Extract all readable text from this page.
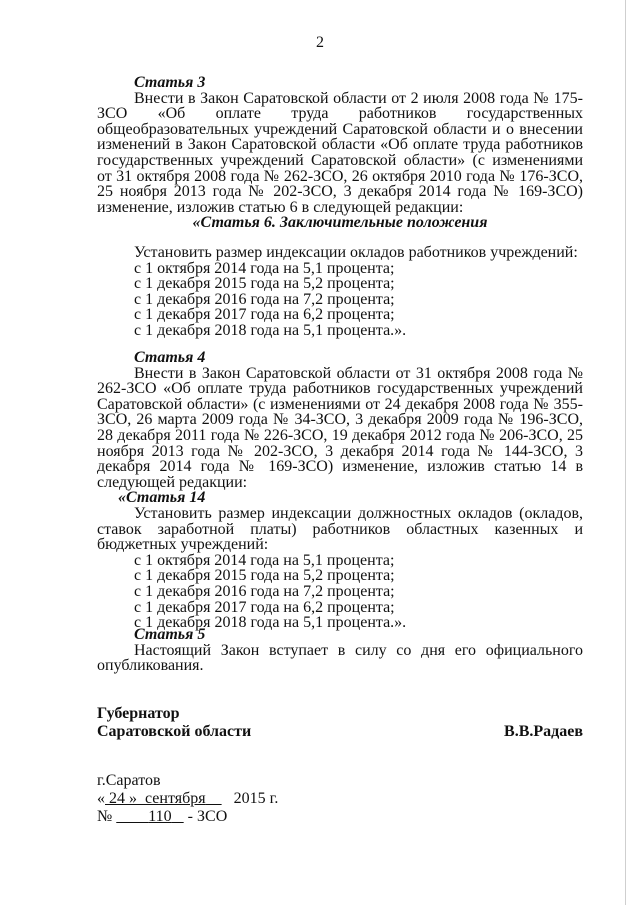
2
Статья 3
Внести в Закон Саратовской области от 2 июля 2008 года № 175-ЗСО «Об оплате труда работников государственных общеобразовательных учреждений Саратовской области и о внесении изменений в Закон Саратовской области «Об оплате труда работников государственных учреждений Саратовской области» (с изменениями от 31 октября 2008 года № 262-ЗСО, 26 октября 2010 года № 176-ЗСО, 25 ноября 2013 года № 202-ЗСО, 3 декабря 2014 года № 169-ЗСО) изменение, изложив статью 6 в следующей редакции:
«Статья 6. Заключительные положения
Установить размер индексации окладов работников учреждений:
с 1 октября 2014 года на 5,1 процента;
с 1 декабря 2015 года на 5,2 процента;
с 1 декабря 2016 года на 7,2 процента;
с 1 декабря 2017 года на 6,2 процента;
с 1 декабря 2018 года на 5,1 процента.».
Статья 4
Внести в Закон Саратовской области от 31 октября 2008 года № 262-ЗСО «Об оплате труда работников государственных учреждений Саратовской области» (с изменениями от 24 декабря 2008 года № 355-ЗСО, 26 марта 2009 года № 34-ЗСО, 3 декабря 2009 года № 196-ЗСО, 28 декабря 2011 года № 226-ЗСО, 19 декабря 2012 года № 206-ЗСО, 25 ноября 2013 года № 202-ЗСО, 3 декабря 2014 года № 144-ЗСО, 3 декабря 2014 года № 169-ЗСО) изменение, изложив статью 14 в следующей редакции:
«Статья 14
Установить размер индексации должностных окладов (окладов, ставок заработной платы) работников областных казенных и бюджетных учреждений:
с 1 октября 2014 года на 5,1 процента;
с 1 декабря 2015 года на 5,2 процента;
с 1 декабря 2016 года на 7,2 процента;
с 1 декабря 2017 года на 6,2 процента;
с 1 декабря 2018 года на 5,1 процента.».
Статья 5
Настоящий Закон вступает в силу со дня его официального опубликования.
Губернатор
Саратовской области	В.В.Радаев
г.Саратов
« 24 » сентября 2015 г.
№ 110 - ЗСО
